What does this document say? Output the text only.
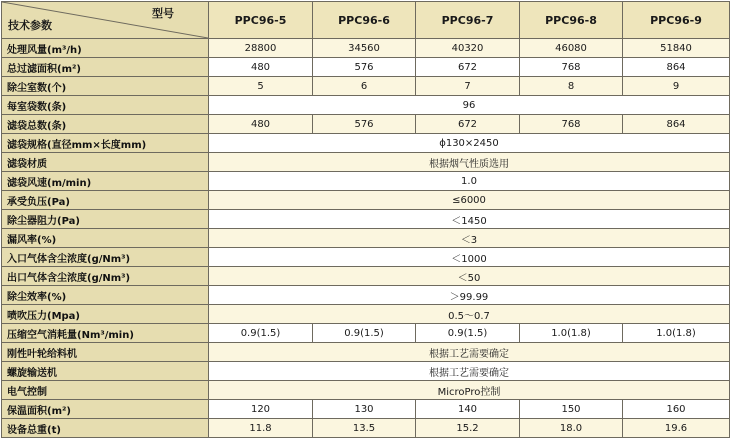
型号
技术参数	PPC96-5	PPC96-6	PPC96-7	PPC96-8	PPC96-9
处理风量(m³/h)	28800	34560	40320	46080	51840
总过滤面积(m²)	480	576	672	768	864
除尘室数(个)	5	6	7	8	9
每室袋数(条)	96				
滤袋总数(条)	480	576	672	768	864
滤袋规格(直径mm×长度mm)	ϕ130×2450				
滤袋材质	根据烟气性质选用				
滤袋风速(m/min)	1.0				
承受负压(Pa)	≤6000				
除尘器阻力(Pa)	＜1450				
漏风率(%)	＜3				
入口气体含尘浓度(g/Nm³)	＜1000				
出口气体含尘浓度(g/Nm³)	＜50				
除尘效率(%)	＞99.99				
喷吹压力(Mpa)	0.5～0.7				
压缩空气消耗量(Nm³/min)	0.9(1.5)	0.9(1.5)	0.9(1.5)	1.0(1.8)	1.0(1.8)
刚性叶轮给料机	根据工艺需要确定				
螺旋输送机	根据工艺需要确定				
电气控制	MicroPro控制				
保温面积(m²)	120	130	140	150	160
设备总重(t)	11.8	13.5	15.2	18.0	19.6
